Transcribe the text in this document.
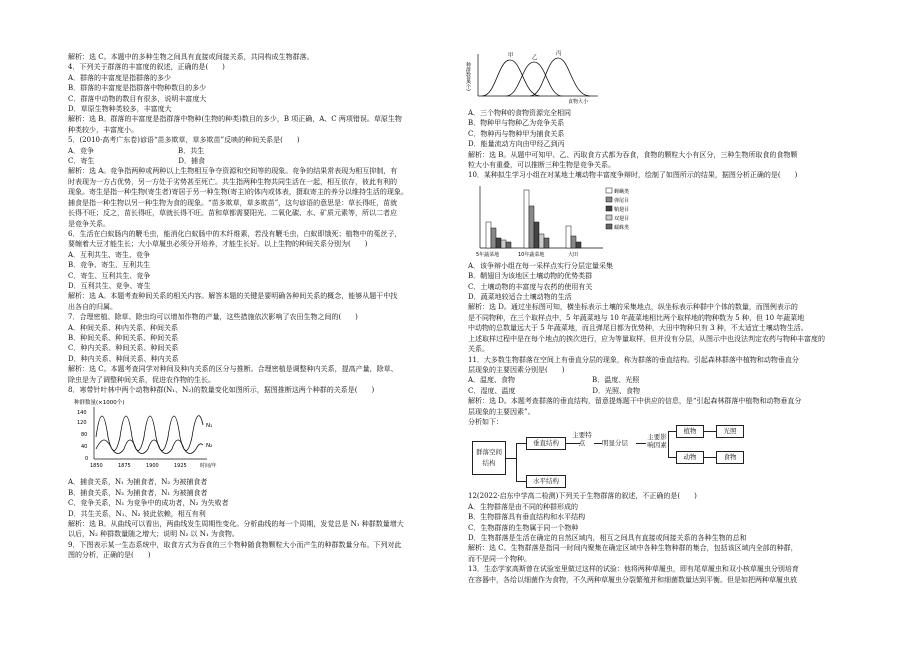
解析：选 C。本题中的多种生物之间具有直接或间接关系，共同构成生物群落。
4．下列关于群落的丰富度的叙述，正确的是(　　)
A．群落的丰富度是指群落的多少
B．群落的丰富度是指群落中物种数目的多少
C．群落中动物的数目有很多，说明丰富度大
D．草原生物种类较多，丰富度大
解析：选 B。群落的丰富度是指群落中物种(生物的种类)数目的多少，B 项正确，A、C 两项错误。草原生物
种类较少，丰富度小。
5．(2010·高考广东卷)谚语“苗多欺草，草多欺苗”反映的种间关系是(　　)
A．竞争　　　　　　　　　　　　B．共生
C．寄生　　　　　　　　　　　　D．捕食
解析：选 A。竞争指两种或两种以上生物相互争夺资源和空间等的现象。竞争的结果常表现为相互抑制，有
时表现为一方占优势，另一方处于劣势甚至死亡。共生指两种生物共同生活在一起，相互依存，彼此有利的
现象。寄生是指一种生物(寄生者)寄居于另一种生物(寄主)的体内或体表，摄取寄主的养分以维持生活的现象。
捕食是指一种生物以另一种生物为食的现象。“苗多欺草，草多欺苗”，这句谚语的意思是：草长得旺，苗就
长得不旺；反之，苗长得旺，草就长得不旺。苗和草都需要阳光、二氧化碳、水、矿质元素等，所以二者应
是竞争关系。
6．生活在白蚁肠内的鞭毛虫，能消化白蚁肠中的木纤维素，若没有鞭毛虫，白蚁即饿死；植物中的菟丝子，
要缠着大豆才能生长；大小草履虫必须分开培养，才能生长好。以上生物的种间关系分别为(　　)
A．互利共生、寄生、竞争
B．竞争、寄生、互利共生
C．寄生、互利共生、竞争
D．互利共生、竞争、寄生
解析：选 A。本题考查种间关系的相关内容。解答本题的关键是要明确各种间关系的概念，能够从题干中找
出各自的归属。
7．合理密植、除草、除虫均可以增加作物的产量，这些措施依次影响了农田生物之间的(　　)
A．种间关系、种内关系、种间关系
B．种间关系、种间关系、种间关系
C．种内关系、种间关系、种间关系
D．种内关系、种间关系、种内关系
解析：选 C。本题考查同学对种间及种内关系的区分与推断。合理密植是调整种内关系，提高产量，除草、
除虫是为了调整种间关系，促进农作物的生长。
8．寒带针叶林中两个动物种群(N₁、N₂)的数量变化如图所示，据图推断这两个种群的关系是(　　)
种群数量(×1000个)
140
120
80
40
0
N₁
N₂
1850	1875	1900	1925	时间/年
A．捕食关系，N₁ 为捕食者，N₂ 为被捕食者
B．捕食关系，N₂ 为捕食者，N₁ 为被捕食者
C．竞争关系，N₁ 为竞争中的成功者，N₂ 为失败者
D．共生关系，N₁、N₂ 彼此依赖，相互有利
解析：选 B。从曲线可以看出，两曲线发生周期性变化。分析曲线的每一个周期，发觉总是 N₁ 种群数量增大
以后，N₂ 种群数量随之增大；说明 N₂ 以 N₁ 为食物。
9．下图表示某一生态系统中，取食方式为吞食的三个物种随食物颗粒大小而产生的种群数量分布。下列对此
图的分析，正确的是(　　)
种群数量(个)
甲	乙
丙
食物大小
A．三个物种的食物资源完全相同
B．物种甲与物种乙为竞争关系
C．物种丙与物种甲为捕食关系
D．能量流动方向由甲经乙到丙
解析：选 B。从题中可知甲、乙、丙取食方式都为吞食，食物的颗粒大小有区分，三种生物所取食的食物颗
粒大小有重叠，可以推断三种生物是竞争关系。
10．某种拟生学习小组在对某地土壤动物丰富度争辩时，绘制了如图所示的结果，据图分析正确的是(　　)
5年蔬菜地	10年蔬菜地	大田
蝉螨类
弹尾目
鞘翅目
双翅目
蠕蛛类
A．该争辩小组在每一采样点实行分层定量采集
B．鞘翅目为该地区土壤动物的优势类群
C．土壤动物的丰富度与农药的使用有关
D．蔬菜地较适合土壤动物的生活
解析：选 D。通过坐标图可知，横坐标表示土壤的采集地点，纵坐标表示种群中个体的数量，而图例表示的
是不同物种，在三个取样点中，5 年蔬菜地与 10 年蔬菜地相比两个取样地的物种数为 5 种，但 10 年蔬菜地
中动物的总数量远大于 5 年蔬菜地，而且弹尾目都为优势种，大田中物种只有 3 种，不太适宜土壤动物生活。
上述取样过程中是在每个地点的挨次进行，应为等量取样，但并没有分层，从图示中也没法判定农药与物种丰富度的
关系。
11．大多数生物群落在空间上有垂直分层的现象，称为群落的垂直结构。引起森林群落中植物和动物垂直分
层现象的主要因素分别是(　　)
A．温度、食物　　　　　　　　　　　B．温度、光照
C．湿度、温度　　　　　　　　　　　D．光照、食物
解析：选 D。本题考查群落的垂直结构，留意提炼题干中供应的信息，是“引起森林群落中植物和动物垂直分
层现象的主要因素”。
分析如下：
群落空间结构
垂直结构
水平结构
主要特点	明显分层
主要影响因素
植物
动物
光照
食物
12(2022·启东中学高二检测)下列关于生物群落的叙述，不正确的是(　　)
A．生物群落是由不同的种群形成的
B．生物群落具有垂直结构和水平结构
C．生物群落的生物属于同一个物种
D．生物群落是生活在确定的自然区域内，相互之间具有直接或间接关系的各种生物的总和
解析：选 C。生物群落是指同一时间内聚集在确定区域中各种生物种群的集合，包括该区域内全部的种群，
而不是同一个物种。
13．生态学家高斯曾在试验室里做过这样的试验：他将两种草履虫，即有尾草履虫和双小核草履虫分别培育
在容器中，各给以细菌作为食物，不久两种草履虫分裂繁殖并和细菌数量达到平衡。但是如把两种草履虫放
